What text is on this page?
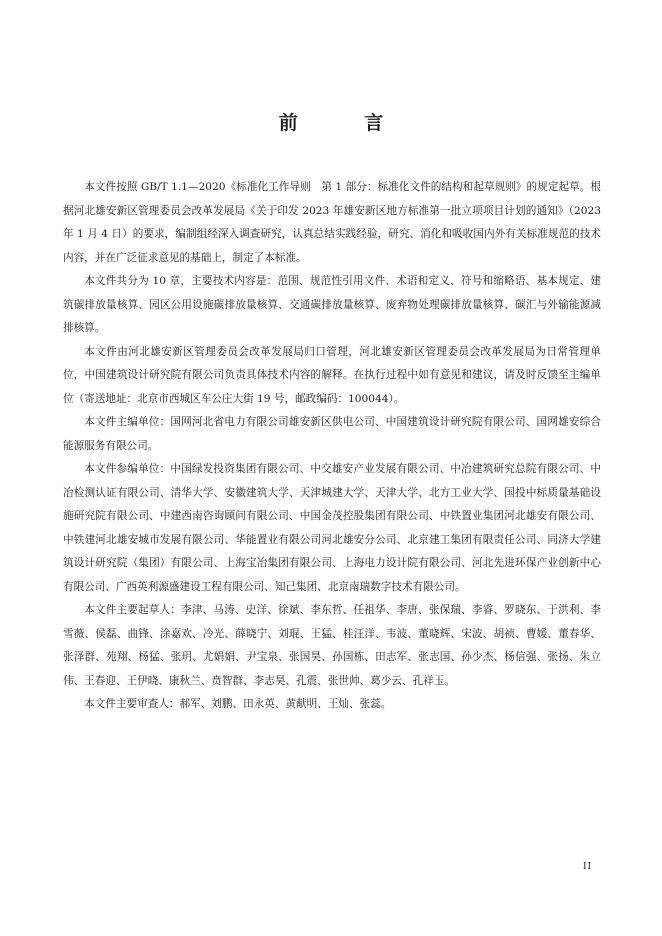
前 言

本文件按照 GB/T 1.1—2020《标准化工作导则　第 1 部分：标准化文件的结构和起草规则》的规定起草。根据河北雄安新区管理委员会改革发展局《关于印发 2023 年雄安新区地方标准第一批立项项目计划的通知》（2023 年 1 月 4 日）的要求，编制组经深入调查研究，认真总结实践经验，研究、消化和吸收国内外有关标准规范的技术内容，并在广泛征求意见的基础上，制定了本标准。

本文件共分为 10 章，主要技术内容是：范围、规范性引用文件、术语和定义、符号和缩略语、基本规定、建筑碳排放量核算、园区公用设施碳排放量核算、交通碳排放量核算、废弃物处理碳排放量核算、碳汇与外输能源减排核算。

本文件由河北雄安新区管理委员会改革发展局归口管理，河北雄安新区管理委员会改革发展局为日常管理单位，中国建筑设计研究院有限公司负责具体技术内容的解释。在执行过程中如有意见和建议，请及时反馈至主编单位（寄送地址：北京市西城区车公庄大街 19 号，邮政编码：100044）。

本文件主编单位：国网河北省电力有限公司雄安新区供电公司、中国建筑设计研究院有限公司、国网雄安综合能源服务有限公司。

本文件参编单位：中国绿发投资集团有限公司、中交雄安产业发展有限公司、中冶建筑研究总院有限公司、中冶检测认证有限公司、清华大学、安徽建筑大学、天津城建大学、天津大学、北方工业大学、国投中标质量基础设施研究院有限公司、中建西南咨询顾问有限公司、中国金茂控股集团有限公司、中铁置业集团河北雄安有限公司、中铁建河北雄安城市发展有限公司、华能置业有限公司河北雄安分公司、北京建工集团有限责任公司、同济大学建筑设计研究院（集团）有限公司、上海宝冶集团有限公司、上海电力设计院有限公司、河北先进环保产业创新中心有限公司、广西英利源盛建设工程有限公司、知己集团、北京南瑞数字技术有限公司。

本文件主要起草人：李津、马涛、史洋、徐斌、李东哲、任祖华、李唐、张保瑞、李睿、罗晓东、于洪利、李雪薇、侯磊、曲锋、涂嘉欢、冷光、薛晓宁、刘琨、王猛、桂汪洋、韦波、董晓辉、宋波、胡祯、曹媛、董春华、张泽群、苑翔、杨猛、张玥、尤娟娟、尹宝泉、张国昊、孙国栋、田志军、张志国、孙少杰、杨信强、张扬、朱立伟、王春迎、王伊晓、康秋兰、贲智群、李志昊、孔震、张世帅、葛少云、孔祥玉。

本文件主要审查人：郝军、刘鹏、田永英、黄献明、王灿、张蕊。

II
